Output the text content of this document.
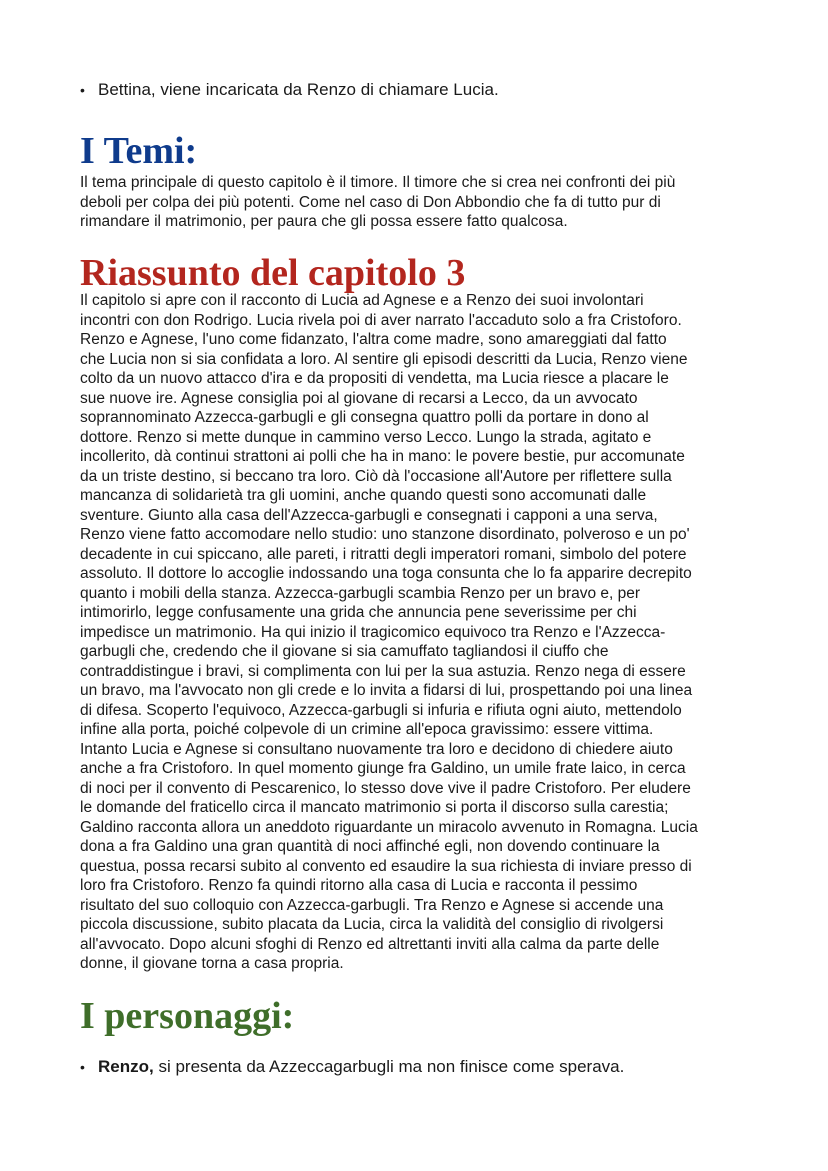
• Bettina, viene incaricata da Renzo di chiamare Lucia.
I Temi:
Il tema principale di questo capitolo è il timore. Il timore che si crea nei confronti dei più
deboli per colpa dei più potenti. Come nel caso di Don Abbondio che fa di tutto pur di
rimandare il matrimonio, per paura che gli possa essere fatto qualcosa.
Riassunto del capitolo 3
Il capitolo si apre con il racconto di Lucia ad Agnese e a Renzo dei suoi involontari
incontri con don Rodrigo. Lucia rivela poi di aver narrato l'accaduto solo a fra Cristoforo.
Renzo e Agnese, l'uno come fidanzato, l'altra come madre, sono amareggiati dal fatto
che Lucia non si sia confidata a loro. Al sentire gli episodi descritti da Lucia, Renzo viene
colto da un nuovo attacco d'ira e da propositi di vendetta, ma Lucia riesce a placare le
sue nuove ire. Agnese consiglia poi al giovane di recarsi a Lecco, da un avvocato
soprannominato Azzecca-garbugli e gli consegna quattro polli da portare in dono al
dottore. Renzo si mette dunque in cammino verso Lecco. Lungo la strada, agitato e
incollerito, dà continui strattoni ai polli che ha in mano: le povere bestie, pur accomunate
da un triste destino, si beccano tra loro. Ciò dà l'occasione all'Autore per riflettere sulla
mancanza di solidarietà tra gli uomini, anche quando questi sono accomunati dalle
sventure. Giunto alla casa dell'Azzecca-garbugli e consegnati i capponi a una serva,
Renzo viene fatto accomodare nello studio: uno stanzone disordinato, polveroso e un po'
decadente in cui spiccano, alle pareti, i ritratti degli imperatori romani, simbolo del potere
assoluto. Il dottore lo accoglie indossando una toga consunta che lo fa apparire decrepito
quanto i mobili della stanza. Azzecca-garbugli scambia Renzo per un bravo e, per
intimorirlo, legge confusamente una grida che annuncia pene severissime per chi
impedisce un matrimonio. Ha qui inizio il tragicomico equivoco tra Renzo e l'Azzecca-
garbugli che, credendo che il giovane si sia camuffato tagliandosi il ciuffo che
contraddistingue i bravi, si complimenta con lui per la sua astuzia. Renzo nega di essere
un bravo, ma l'avvocato non gli crede e lo invita a fidarsi di lui, prospettando poi una linea
di difesa. Scoperto l'equivoco, Azzecca-garbugli si infuria e rifiuta ogni aiuto, mettendolo
infine alla porta, poiché colpevole di un crimine all'epoca gravissimo: essere vittima.
Intanto Lucia e Agnese si consultano nuovamente tra loro e decidono di chiedere aiuto
anche a fra Cristoforo. In quel momento giunge fra Galdino, un umile frate laico, in cerca
di noci per il convento di Pescarenico, lo stesso dove vive il padre Cristoforo. Per eludere
le domande del fraticello circa il mancato matrimonio si porta il discorso sulla carestia;
Galdino racconta allora un aneddoto riguardante un miracolo avvenuto in Romagna. Lucia
dona a fra Galdino una gran quantità di noci affinché egli, non dovendo continuare la
questua, possa recarsi subito al convento ed esaudire la sua richiesta di inviare presso di
loro fra Cristoforo. Renzo fa quindi ritorno alla casa di Lucia e racconta il pessimo
risultato del suo colloquio con Azzecca-garbugli. Tra Renzo e Agnese si accende una
piccola discussione, subito placata da Lucia, circa la validità del consiglio di rivolgersi
all'avvocato. Dopo alcuni sfoghi di Renzo ed altrettanti inviti alla calma da parte delle
donne, il giovane torna a casa propria.
I personaggi:
• Renzo, si presenta da Azzeccagarbugli ma non finisce come sperava.
